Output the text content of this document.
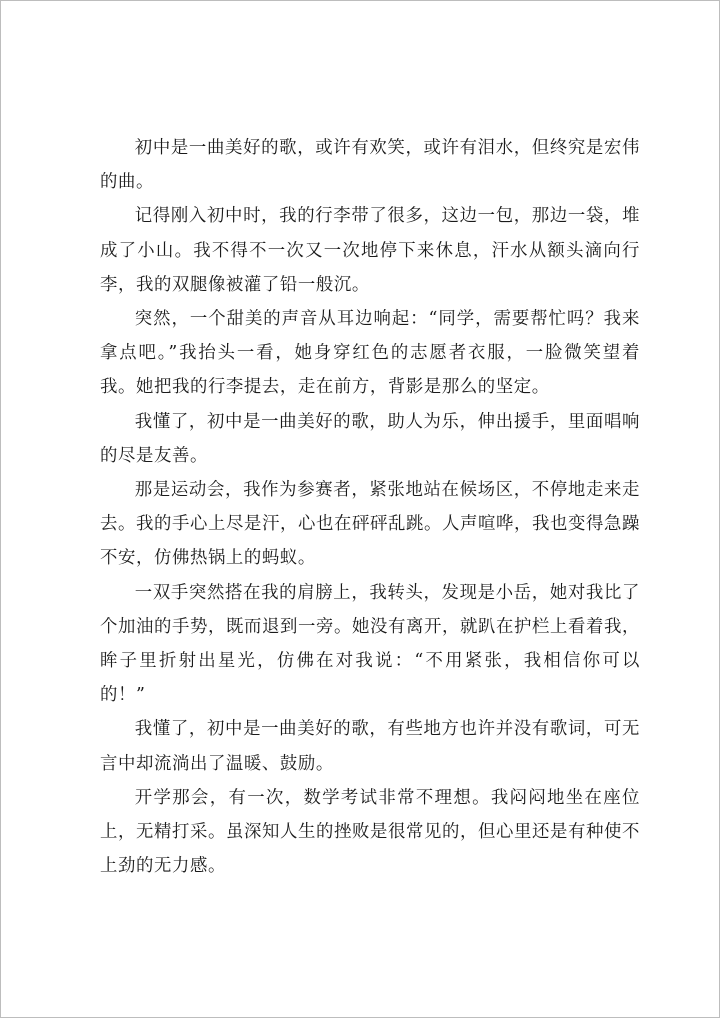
初中是一曲美好的歌，或许有欢笑，或许有泪水，但终究是宏伟的曲。

记得刚入初中时，我的行李带了很多，这边一包，那边一袋，堆成了小山。我不得不一次又一次地停下来休息，汗水从额头滴向行李，我的双腿像被灌了铅一般沉。

突然，一个甜美的声音从耳边响起：“同学，需要帮忙吗？我来拿点吧。”我抬头一看，她身穿红色的志愿者衣服，一脸微笑望着我。她把我的行李提去，走在前方，背影是那么的坚定。

我懂了，初中是一曲美好的歌，助人为乐，伸出援手，里面唱响的尽是友善。

那是运动会，我作为参赛者，紧张地站在候场区，不停地走来走去。我的手心上尽是汗，心也在砰砰乱跳。人声喧哗，我也变得急躁不安，仿佛热锅上的蚂蚁。

一双手突然搭在我的肩膀上，我转头，发现是小岳，她对我比了个加油的手势，既而退到一旁。她没有离开，就趴在护栏上看着我，眸子里折射出星光，仿佛在对我说：“不用紧张，我相信你可以的！”

我懂了，初中是一曲美好的歌，有些地方也许并没有歌词，可无言中却流淌出了温暖、鼓励。

开学那会，有一次，数学考试非常不理想。我闷闷地坐在座位上，无精打采。虽深知人生的挫败是很常见的，但心里还是有种使不上劲的无力感。
